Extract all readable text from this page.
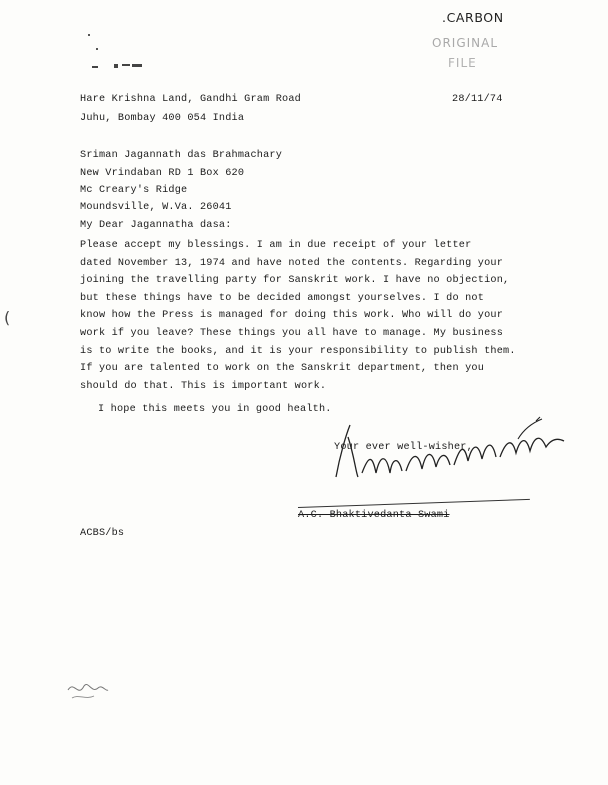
.CARBON
ORIGINAL
FILE
28/11/74
Hare Krishna Land, Gandhi Gram Road
Juhu, Bombay 400 054 India
Sriman Jagannath das Brahmachary
New Vrindaban RD 1 Box 620
Mc Creary's Ridge
Moundsville, W.Va. 26041
My Dear Jagannatha dasa:
Please accept my blessings. I am in due receipt of your letter
dated November 13, 1974 and have noted the contents. Regarding your
joining the travelling party for Sanskrit work. I have no objection,
but these things have to be decided amongst yourselves. I do not
know how the Press is managed for doing this work. Who will do your
work if you leave? These things you all have to manage. My business
is to write the books, and it is your responsibility to publish them.
If you are talented to work on the Sanskrit department, then you
should do that. This is important work.
I hope this meets you in good health.
Your ever well-wisher,
A.C. Bhaktivedanta Swami
ACBS/bs
(
